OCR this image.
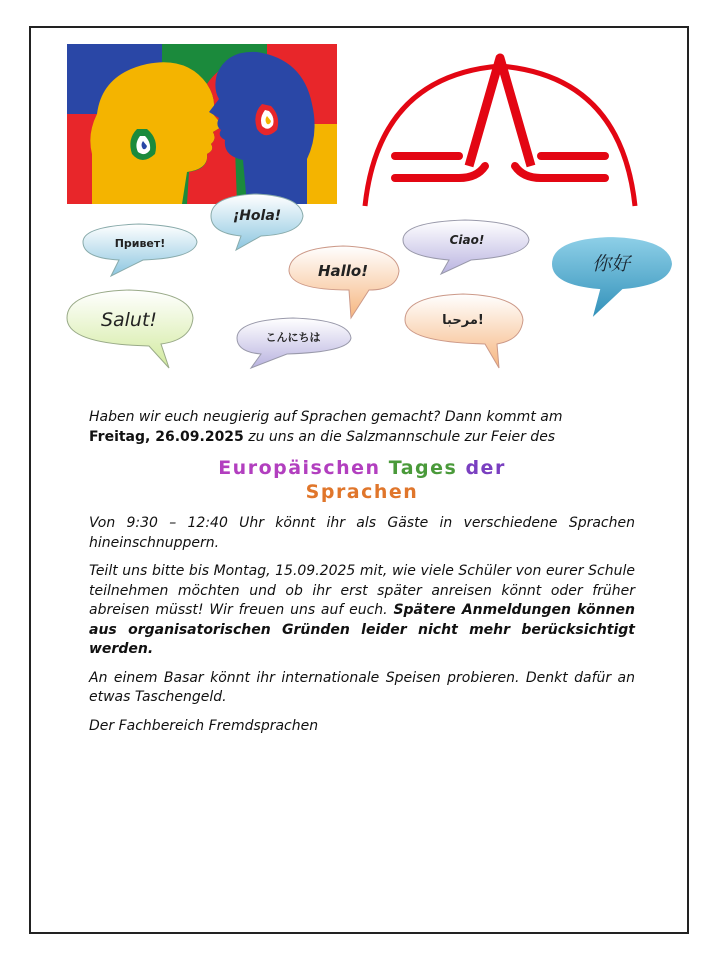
¡Hola!
Привет!	Ciao!
你好
Hallo!
Salut!
こんにちは
مرحبا!

Haben wir euch neugierig auf Sprachen gemacht? Dann kommt am
Freitag, 26.09.2025 zu uns an die Salzmannschule zur Feier des

Europäischen Tages der
Sprachen

Von 9:30 – 12:40 Uhr könnt ihr als Gäste in verschiedene Sprachen hineinschnuppern.

Teilt uns bitte bis Montag, 15.09.2025 mit, wie viele Schüler von eurer Schule teilnehmen möchten und ob ihr erst später anreisen könnt oder früher abreisen müsst! Wir freuen uns auf euch. Spätere Anmeldungen können aus organisatorischen Gründen leider nicht mehr berücksichtigt werden.

An einem Basar könnt ihr internationale Speisen probieren. Denkt dafür an etwas Taschengeld.

Der Fachbereich Fremdsprachen
